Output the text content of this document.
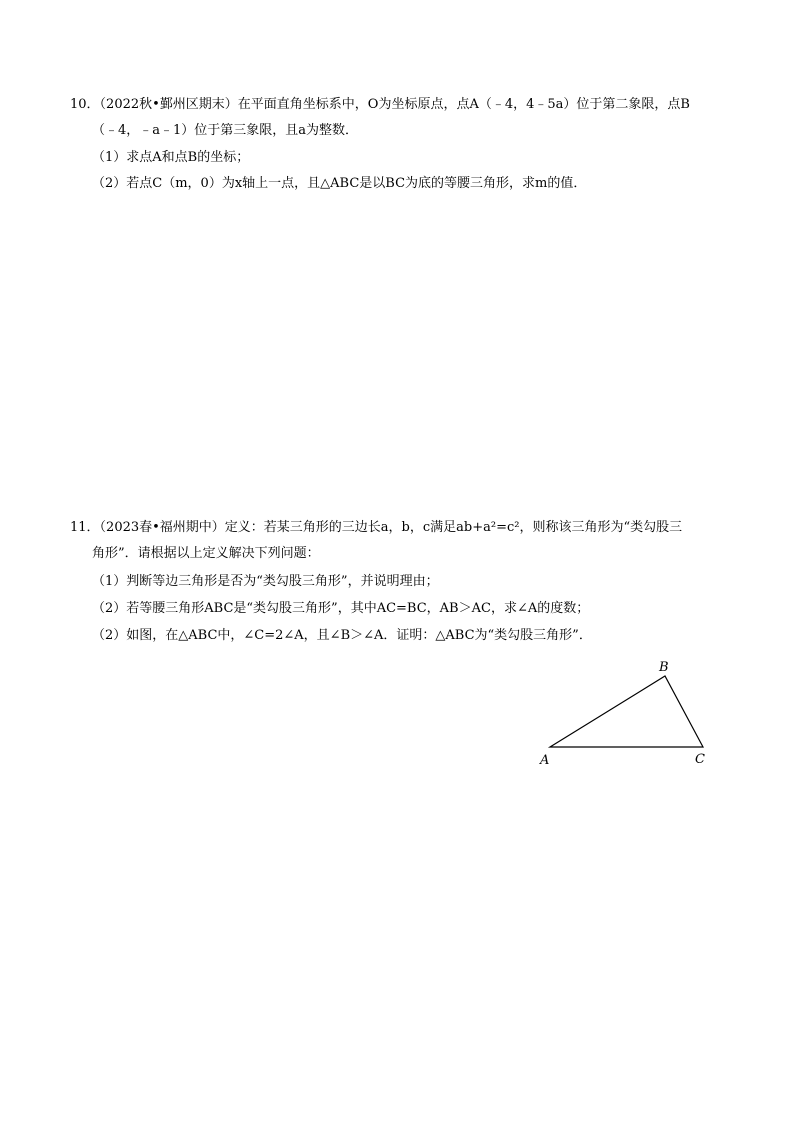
10．（2022秋•鄞州区期末）在平面直角坐标系中，O为坐标原点，点A（﹣4，4﹣5a）位于第二象限，点B
（﹣4，﹣a﹣1）位于第三象限，且a为整数．
（1）求点A和点B的坐标；
（2）若点C（m，0）为x轴上一点，且△ABC是以BC为底的等腰三角形，求m的值．
11．（2023春•福州期中）定义：若某三角形的三边长a，b，c满足ab+a²=c²，则称该三角形为“类勾股三
角形”．请根据以上定义解决下列问题：
（1）判断等边三角形是否为“类勾股三角形”，并说明理由；
（2）若等腰三角形ABC是“类勾股三角形”，其中AC=BC，AB＞AC，求∠A的度数；
（2）如图，在△ABC中，∠C=2∠A，且∠B＞∠A．证明：△ABC为“类勾股三角形”．
A
B
C
